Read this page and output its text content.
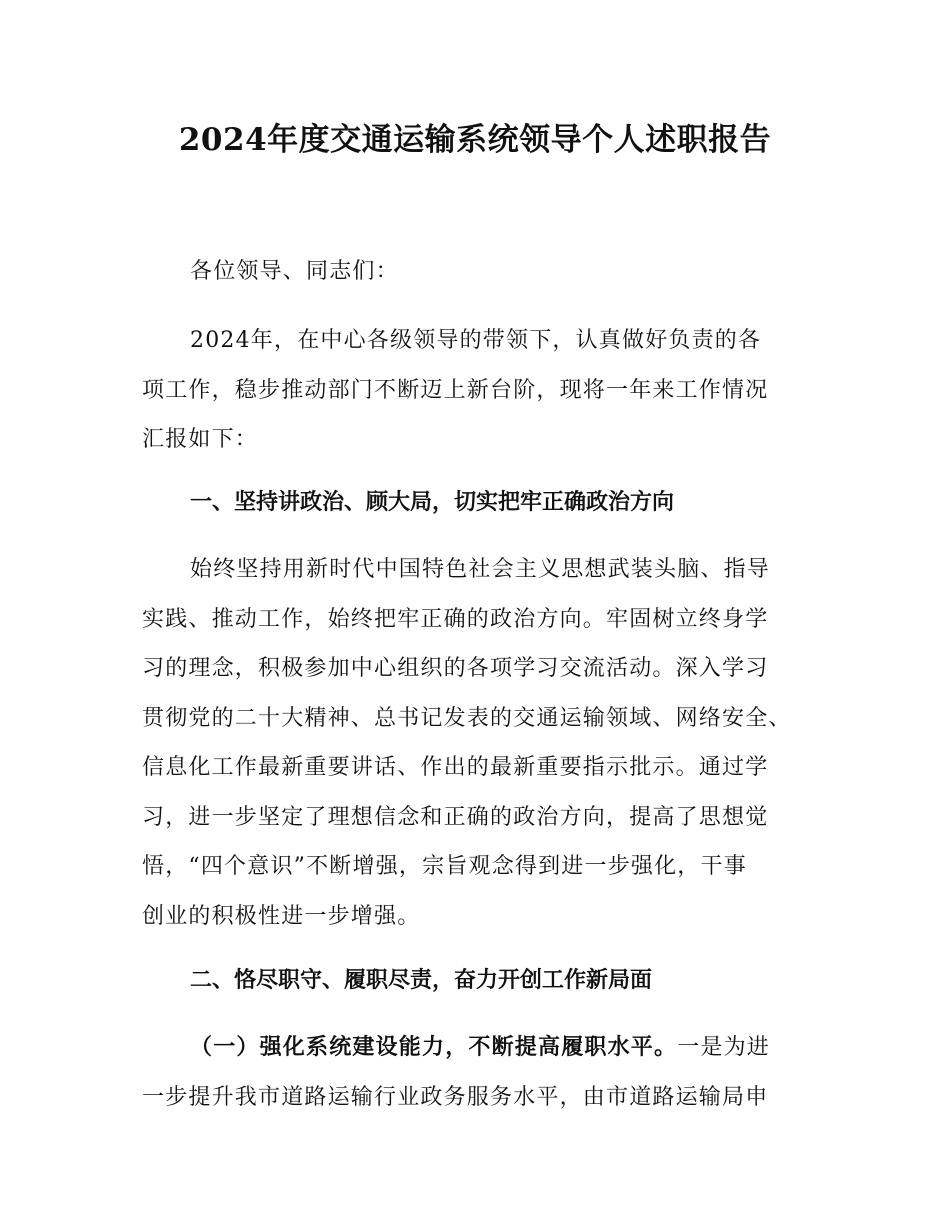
2024年度交通运输系统领导个人述职报告
各位领导、同志们：
2024年，在中心各级领导的带领下，认真做好负责的各
项工作，稳步推动部门不断迈上新台阶，现将一年来工作情况
汇报如下：
一、坚持讲政治、顾大局，切实把牢正确政治方向
始终坚持用新时代中国特色社会主义思想武装头脑、指导
实践、推动工作，始终把牢正确的政治方向。牢固树立终身学
习的理念，积极参加中心组织的各项学习交流活动。深入学习
贯彻党的二十大精神、总书记发表的交通运输领域、网络安全、
信息化工作最新重要讲话、作出的最新重要指示批示。通过学
习，进一步坚定了理想信念和正确的政治方向，提高了思想觉
悟，“四个意识”不断增强，宗旨观念得到进一步强化，干事
创业的积极性进一步增强。
二、恪尽职守、履职尽责，奋力开创工作新局面
（一）强化系统建设能力，不断提高履职水平。一是为进
一步提升我市道路运输行业政务服务水平，由市道路运输局申
